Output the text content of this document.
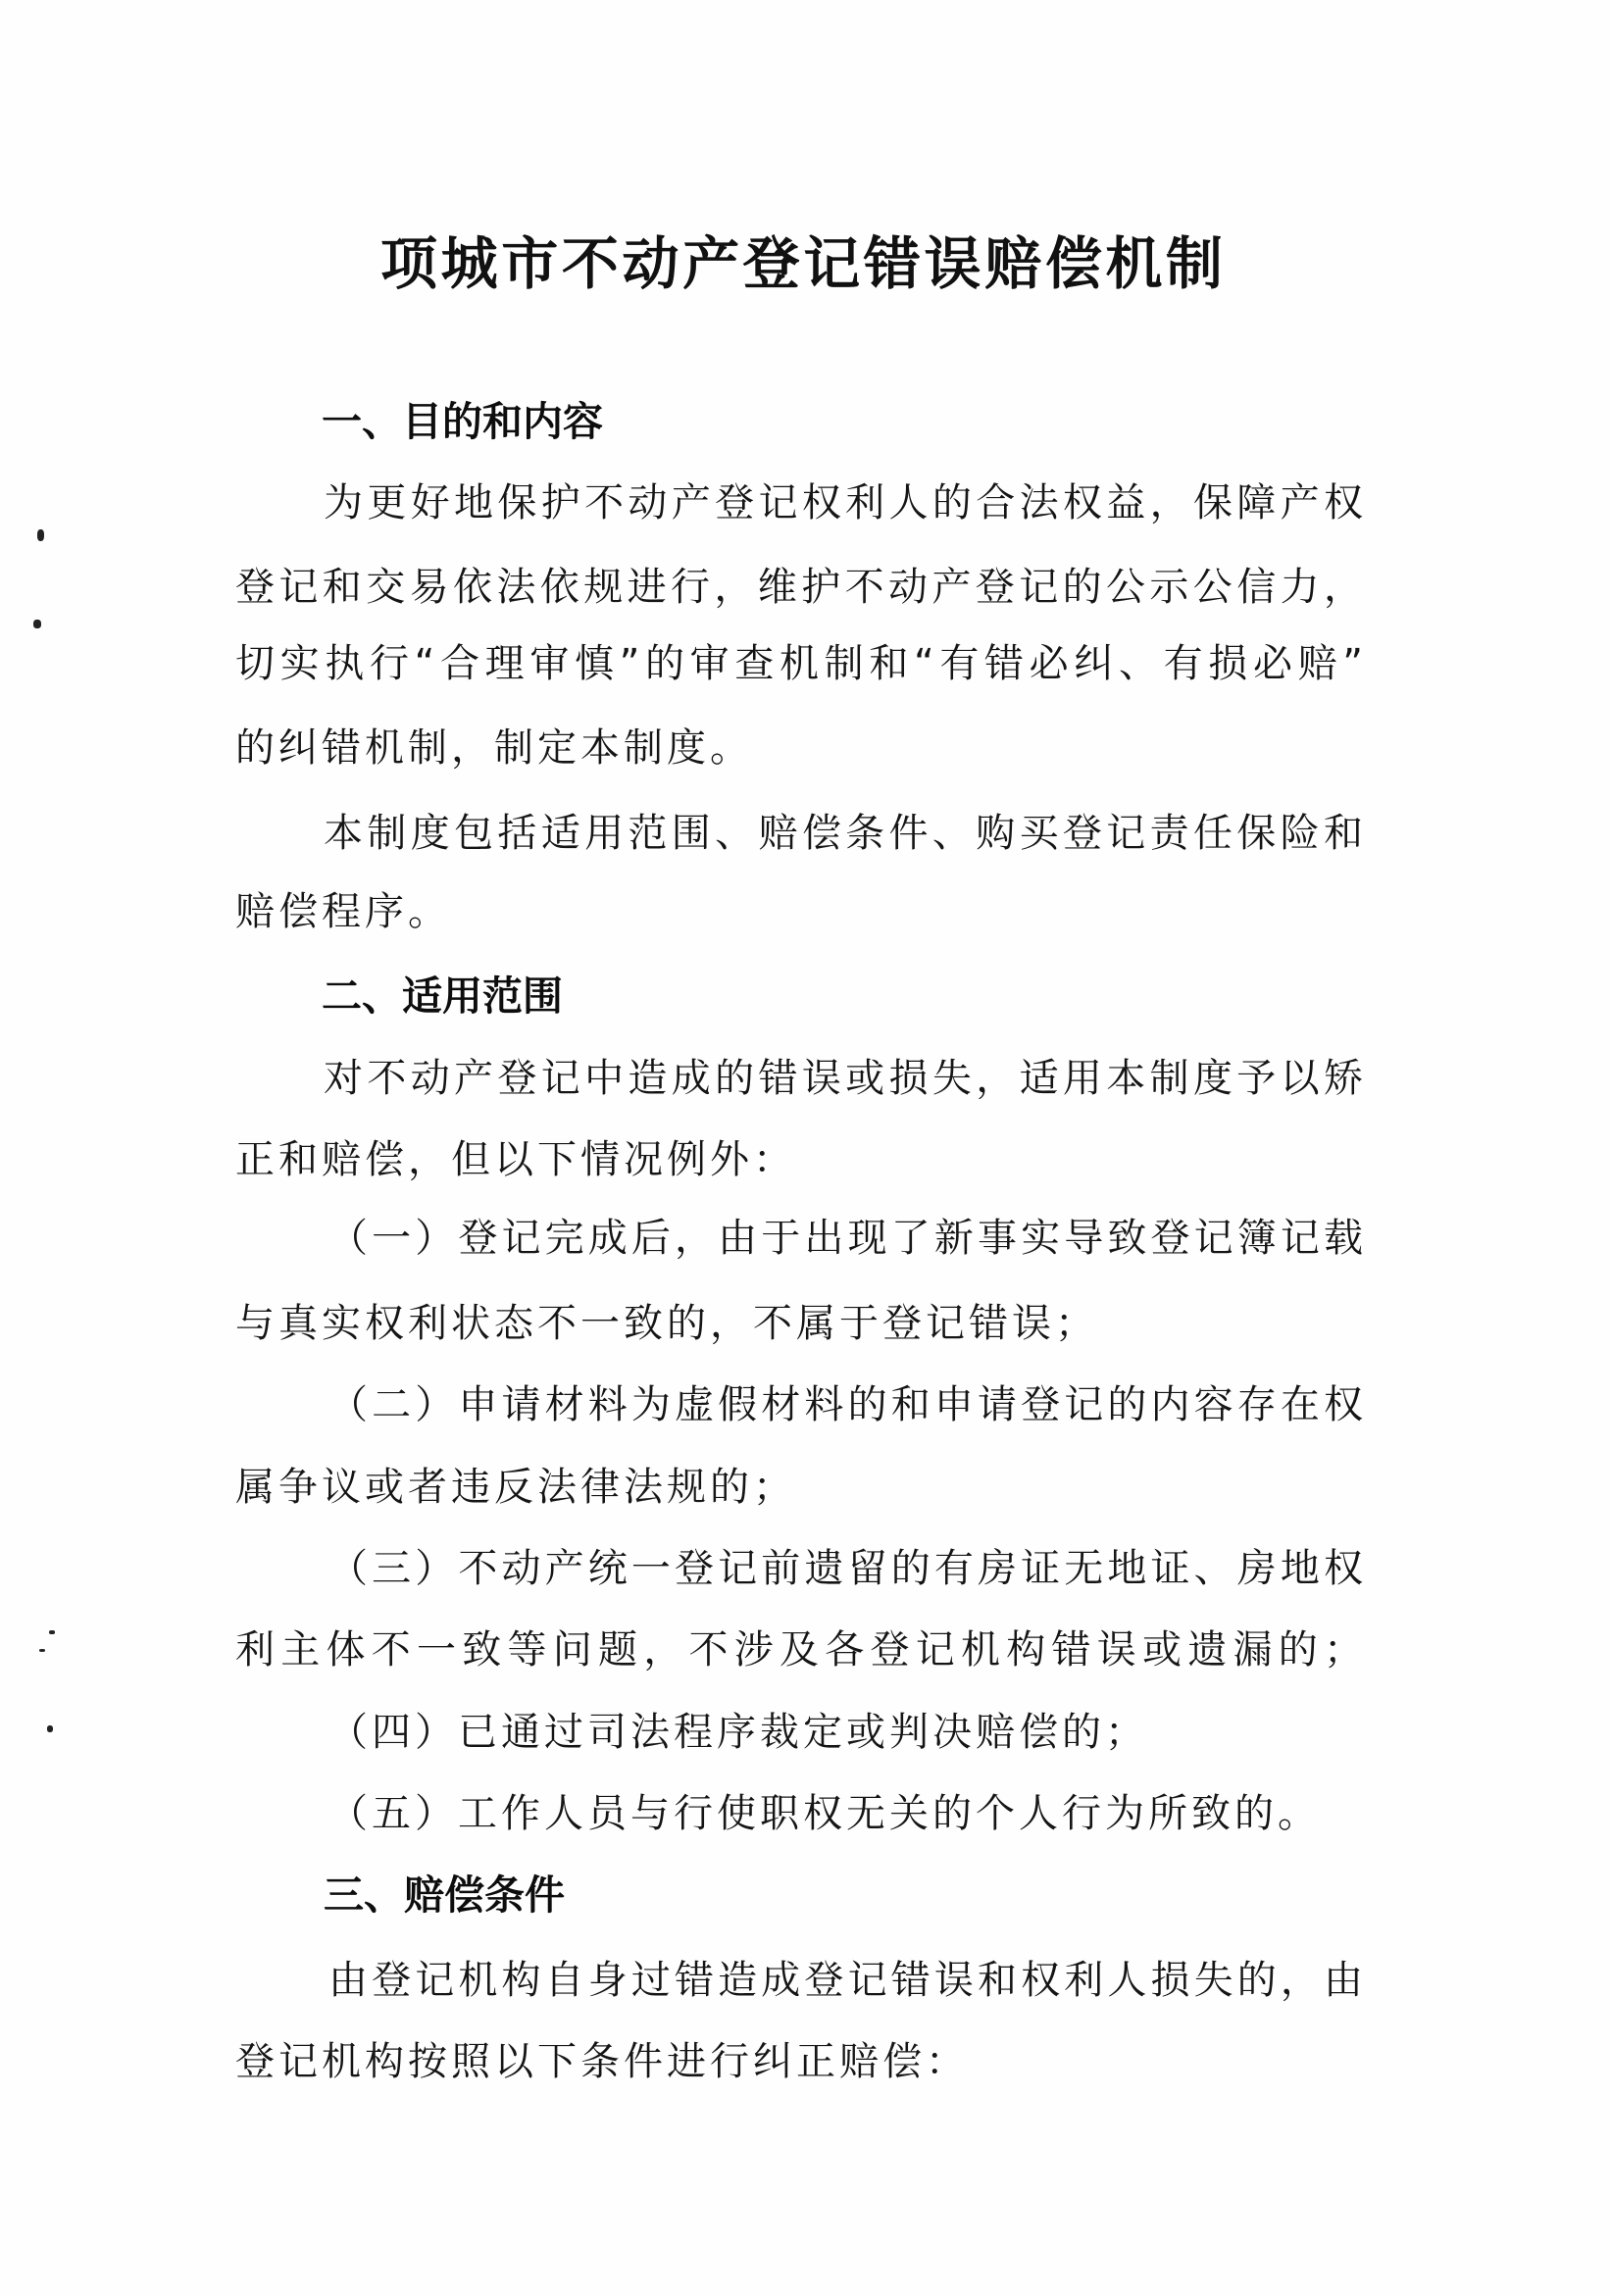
项城市不动产登记错误赔偿机制
一、目的和内容
为更好地保护不动产登记权利人的合法权益，保障产权
登记和交易依法依规进行，维护不动产登记的公示公信力，
切实执行“合理审慎”的审查机制和“有错必纠、有损必赔”
的纠错机制，制定本制度。
本制度包括适用范围、赔偿条件、购买登记责任保险和
赔偿程序。
二、适用范围
对不动产登记中造成的错误或损失，适用本制度予以矫
正和赔偿，但以下情况例外：
（一）登记完成后，由于出现了新事实导致登记簿记载
与真实权利状态不一致的，不属于登记错误；
（二）申请材料为虚假材料的和申请登记的内容存在权
属争议或者违反法律法规的；
（三）不动产统一登记前遗留的有房证无地证、房地权
利主体不一致等问题，不涉及各登记机构错误或遗漏的；
（四）已通过司法程序裁定或判决赔偿的；
（五）工作人员与行使职权无关的个人行为所致的。
三、赔偿条件
由登记机构自身过错造成登记错误和权利人损失的，由
登记机构按照以下条件进行纠正赔偿：
